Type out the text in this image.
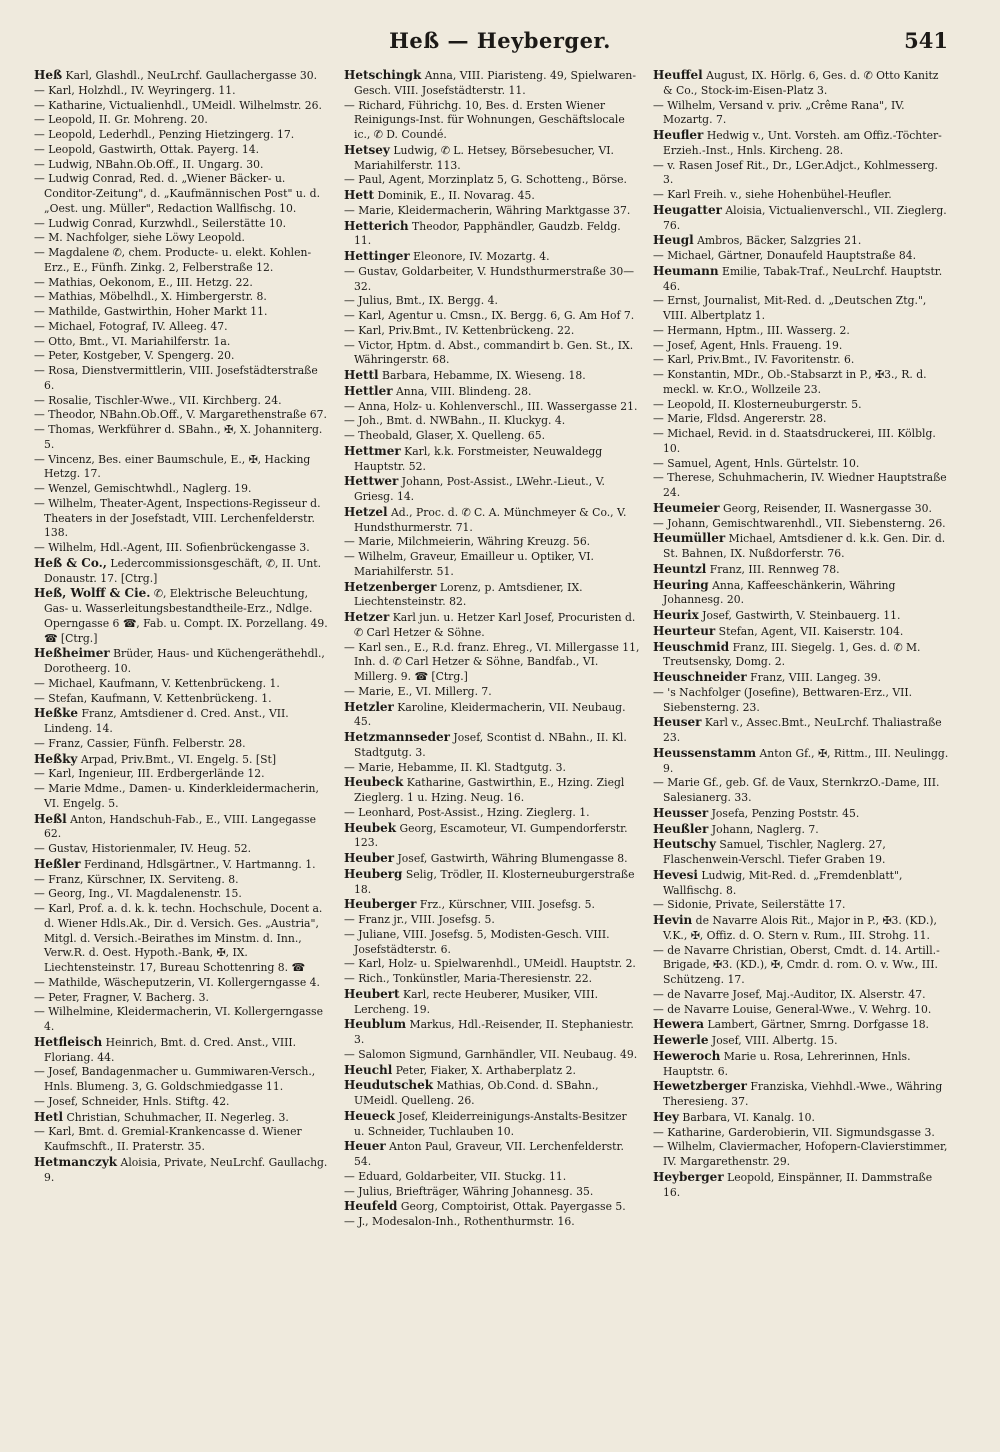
Heß — Heyberger.	541

Heß Karl, Glashdl., NeuLrchf. Gaullachergasse 30.

— Karl, Holzhdl., IV. Weyringerg. 11.

— Katharine, Victualienhdl., UMeidl. Wilhelmstr. 26.

— Leopold, II. Gr. Mohreng. 20.

— Leopold, Lederhdl., Penzing Hietzingerg. 17.

— Leopold, Gastwirth, Ottak. Payerg. 14.

— Ludwig, NBahn.Ob.Off., II. Ungarg. 30.

— Ludwig Conrad, Red. d. „Wiener Bäcker- u. Conditor-Zeitung", d. „Kaufmännischen Post" u. d. „Oest. ung. Müller", Redaction Wallfischg. 10.

— Ludwig Conrad, Kurzwhdl., Seilerstätte 10.

— M. Nachfolger, siehe Löwy Leopold.

— Magdalene ✆, chem. Producte- u. elekt. Kohlen-Erz., E., Fünfh. Zinkg. 2, Felberstraße 12.

— Mathias, Oekonom, E., III. Hetzg. 22.

— Mathias, Möbelhdl., X. Himbergerstr. 8.

— Mathilde, Gastwirthin, Hoher Markt 11.

— Michael, Fotograf, IV. Alleeg. 47.

— Otto, Bmt., VI. Mariahilferstr. 1a.

— Peter, Kostgeber, V. Spengerg. 20.

— Rosa, Dienstvermittlerin, VIII. Josefstädterstraße 6.

— Rosalie, Tischler-Wwe., VII. Kirchberg. 24.

— Theodor, NBahn.Ob.Off., V. Margarethenstraße 67.

— Thomas, Werkführer d. SBahn., ✠, X. Johanniterg. 5.

— Vincenz, Bes. einer Baumschule, E., ✠, Hacking Hetzg. 17.

— Wenzel, Gemischtwhdl., Naglerg. 19.

— Wilhelm, Theater-Agent, Inspections-Regisseur d. Theaters in der Josefstadt, VIII. Lerchenfelderstr. 138.

— Wilhelm, Hdl.-Agent, III. Sofienbrückengasse 3.

Heß & Co., Ledercommissionsgeschäft, ✆, II. Unt. Donaustr. 17. [Ctrg.]

Heß, Wolff & Cie. ✆, Elektrische Beleuchtung, Gas- u. Wasserleitungsbestandtheile-Erz., Ndlge. Operngasse 6 ☎, Fab. u. Compt. IX. Porzellang. 49. ☎ [Ctrg.]

Heßheimer Brüder, Haus- und Küchengeräthehdl., Dorotheerg. 10.

— Michael, Kaufmann, V. Kettenbrückeng. 1.

— Stefan, Kaufmann, V. Kettenbrückeng. 1.

Heßke Franz, Amtsdiener d. Cred. Anst., VII. Lindeng. 14.

— Franz, Cassier, Fünfh. Felberstr. 28.

Heßky Arpad, Priv.Bmt., VI. Engelg. 5. [St]

— Karl, Ingenieur, III. Erdbergerlände 12.

— Marie Mdme., Damen- u. Kinderkleidermacherin, VI. Engelg. 5.

Heßl Anton, Handschuh-Fab., E., VIII. Langegasse 62.

— Gustav, Historienmaler, IV. Heug. 52.

Heßler Ferdinand, Hdlsgärtner., V. Hartmanng. 1.

— Franz, Kürschner, IX. Serviteng. 8.

— Georg, Ing., VI. Magdalenenstr. 15.

— Karl, Prof. a. d. k. k. techn. Hochschule, Docent a. d. Wiener Hdls.Ak., Dir. d. Versich. Ges. „Austria", Mitgl. d. Versich.-Beirathes im Minstm. d. Inn., Verw.R. d. Oest. Hypoth.-Bank, ✠, IX. Liechtensteinstr. 17, Bureau Schottenring 8. ☎

— Mathilde, Wäscheputzerin, VI. Kollergerngasse 4.

— Peter, Fragner, V. Bacherg. 3.

— Wilhelmine, Kleidermacherin, VI. Kollergerngasse 4.

Hetfleisch Heinrich, Bmt. d. Cred. Anst., VIII. Floriang. 44.

— Josef, Bandagenmacher u. Gummiwaren-Versch., Hnls. Blumeng. 3, G. Goldschmiedgasse 11.

— Josef, Schneider, Hnls. Stiftg. 42.

Hetl Christian, Schuhmacher, II. Negerleg. 3.

— Karl, Bmt. d. Gremial-Krankencasse d. Wiener Kaufmschft., II. Praterstr. 35.

Hetmanczyk Aloisia, Private, NeuLrchf. Gaullachg. 9.

Hetschingk Anna, VIII. Piaristeng. 49, Spielwaren-Gesch. VIII. Josefstädterstr. 11.

— Richard, Führichg. 10, Bes. d. Ersten Wiener Reinigungs-Inst. für Wohnungen, Geschäftslocale ic., ✆ D. Coundé.

Hetsey Ludwig, ✆ L. Hetsey, Börsebesucher, VI. Mariahilferstr. 113.

— Paul, Agent, Morzinplatz 5, G. Schotteng., Börse.

Hett Dominik, E., II. Novarag. 45.

— Marie, Kleidermacherin, Währing Marktgasse 37.

Hetterich Theodor, Papphändler, Gaudzb. Feldg. 11.

Hettinger Eleonore, IV. Mozartg. 4.

— Gustav, Goldarbeiter, V. Hundsthurmerstraße 30—32.

— Julius, Bmt., IX. Bergg. 4.

— Karl, Agentur u. Cmsn., IX. Bergg. 6, G. Am Hof 7.

— Karl, Priv.Bmt., IV. Kettenbrückeng. 22.

— Victor, Hptm. d. Abst., commandirt b. Gen. St., IX. Währingerstr. 68.

Hettl Barbara, Hebamme, IX. Wieseng. 18.

Hettler Anna, VIII. Blindeng. 28.

— Anna, Holz- u. Kohlenverschl., III. Wassergasse 21.

— Joh., Bmt. d. NWBahn., II. Kluckyg. 4.

— Theobald, Glaser, X. Quelleng. 65.

Hettmer Karl, k.k. Forstmeister, Neuwaldegg Hauptstr. 52.

Hettwer Johann, Post-Assist., LWehr.-Lieut., V. Griesg. 14.

Hetzel Ad., Proc. d. ✆ C. A. Münchmeyer & Co., V. Hundsthurmerstr. 71.

— Marie, Milchmeierin, Währing Kreuzg. 56.

— Wilhelm, Graveur, Emailleur u. Optiker, VI. Mariahilferstr. 51.

Hetzenberger Lorenz, p. Amtsdiener, IX. Liechtensteinstr. 82.

Hetzer Karl jun. u. Hetzer Karl Josef, Procuristen d. ✆ Carl Hetzer & Söhne.

— Karl sen., E., R.d. franz. Ehreg., VI. Millergasse 11, Inh. d. ✆ Carl Hetzer & Söhne, Bandfab., VI. Millerg. 9. ☎ [Ctrg.]

— Marie, E., VI. Millerg. 7.

Hetzler Karoline, Kleidermacherin, VII. Neubaug. 45.

Hetzmannseder Josef, Scontist d. NBahn., II. Kl. Stadtgutg. 3.

— Marie, Hebamme, II. Kl. Stadtgutg. 3.

Heubeck Katharine, Gastwirthin, E., Hzing. Ziegl Zieglerg. 1 u. Hzing. Neug. 16.

— Leonhard, Post-Assist., Hzing. Zieglerg. 1.

Heubek Georg, Escamoteur, VI. Gumpendorferstr. 123.

Heuber Josef, Gastwirth, Währing Blumengasse 8.

Heuberg Selig, Trödler, II. Klosterneuburgerstraße 18.

Heuberger Frz., Kürschner, VIII. Josefsg. 5.

— Franz jr., VIII. Josefsg. 5.

— Juliane, VIII. Josefsg. 5, Modisten-Gesch. VIII. Josefstädterstr. 6.

— Karl, Holz- u. Spielwarenhdl., UMeidl. Hauptstr. 2.

— Rich., Tonkünstler, Maria-Theresienstr. 22.

Heubert Karl, recte Heuberer, Musiker, VIII. Lercheng. 19.

Heublum Markus, Hdl.-Reisender, II. Stephaniestr. 3.

— Salomon Sigmund, Garnhändler, VII. Neubaug. 49.

Heuchl Peter, Fiaker, X. Arthaberplatz 2.

Heudutschek Mathias, Ob.Cond. d. SBahn., UMeidl. Quelleng. 26.

Heueck Josef, Kleiderreinigungs-Anstalts-Besitzer u. Schneider, Tuchlauben 10.

Heuer Anton Paul, Graveur, VII. Lerchenfelderstr. 54.

— Eduard, Goldarbeiter, VII. Stuckg. 11.

— Julius, Briefträger, Währing Johannesg. 35.

Heufeld Georg, Comptoirist, Ottak. Payergasse 5.

— J., Modesalon-Inh., Rothenthurmstr. 16.

Heuffel August, IX. Hörlg. 6, Ges. d. ✆ Otto Kanitz & Co., Stock-im-Eisen-Platz 3.

— Wilhelm, Versand v. priv. „Crême Rana", IV. Mozartg. 7.

Heufler Hedwig v., Unt. Vorsteh. am Offiz.-Töchter-Erzieh.-Inst., Hnls. Kircheng. 28.

— v. Rasen Josef Rit., Dr., LGer.Adjct., Kohlmesserg. 3.

— Karl Freih. v., siehe Hohenbühel-Heufler.

Heugatter Aloisia, Victualienverschl., VII. Zieglerg. 76.

Heugl Ambros, Bäcker, Salzgries 21.

— Michael, Gärtner, Donaufeld Hauptstraße 84.

Heumann Emilie, Tabak-Traf., NeuLrchf. Hauptstr. 46.

— Ernst, Journalist, Mit-Red. d. „Deutschen Ztg.", VIII. Albertplatz 1.

— Hermann, Hptm., III. Wasserg. 2.

— Josef, Agent, Hnls. Fraueng. 19.

— Karl, Priv.Bmt., IV. Favoritenstr. 6.

— Konstantin, MDr., Ob.-Stabsarzt in P., ✠3., R. d. meckl. w. Kr.O., Wollzeile 23.

— Leopold, II. Klosterneuburgerstr. 5.

— Marie, Fldsd. Angererstr. 28.

— Michael, Revid. in d. Staatsdruckerei, III. Kölblg. 10.

— Samuel, Agent, Hnls. Gürtelstr. 10.

— Therese, Schuhmacherin, IV. Wiedner Hauptstraße 24.

Heumeier Georg, Reisender, II. Wasnergasse 30.

— Johann, Gemischtwarenhdl., VII. Siebensterng. 26.

Heumüller Michael, Amtsdiener d. k.k. Gen. Dir. d. St. Bahnen, IX. Nußdorferstr. 76.

Heuntzl Franz, III. Rennweg 78.

Heuring Anna, Kaffeeschänkerin, Währing Johannesg. 20.

Heurix Josef, Gastwirth, V. Steinbauerg. 11.

Heurteur Stefan, Agent, VII. Kaiserstr. 104.

Heuschmid Franz, III. Siegelg. 1, Ges. d. ✆ M. Treutsensky, Domg. 2.

Heuschneider Franz, VIII. Langeg. 39.

— 's Nachfolger (Josefine), Bettwaren-Erz., VII. Siebensterng. 23.

Heuser Karl v., Assec.Bmt., NeuLrchf. Thaliastraße 23.

Heussenstamm Anton Gf., ✠, Rittm., III. Neulingg. 9.

— Marie Gf., geb. Gf. de Vaux, SternkrzO.-Dame, III. Salesianerg. 33.

Heusser Josefa, Penzing Poststr. 45.

Heußler Johann, Naglerg. 7.

Heutschy Samuel, Tischler, Naglerg. 27, Flaschenwein-Verschl. Tiefer Graben 19.

Hevesi Ludwig, Mit-Red. d. „Fremdenblatt", Wallfischg. 8.

— Sidonie, Private, Seilerstätte 17.

Hevin de Navarre Alois Rit., Major in P., ✠3. (KD.), V.K., ✠, Offiz. d. O. Stern v. Rum., III. Strohg. 11.

— de Navarre Christian, Oberst, Cmdt. d. 14. Artill.-Brigade, ✠3. (KD.), ✠, Cmdr. d. rom. O. v. Ww., III. Schützeng. 17.

— de Navarre Josef, Maj.-Auditor, IX. Alserstr. 47.

— de Navarre Louise, General-Wwe., V. Wehrg. 10.

Hewera Lambert, Gärtner, Smrng. Dorfgasse 18.

Hewerle Josef, VIII. Albertg. 15.

Heweroch Marie u. Rosa, Lehrerinnen, Hnls. Hauptstr. 6.

Hewetzberger Franziska, Viehhdl.-Wwe., Währing Theresieng. 37.

Hey Barbara, VI. Kanalg. 10.

— Katharine, Garderobierin, VII. Sigmundsgasse 3.

— Wilhelm, Claviermacher, Hofopern-Clavierstimmer, IV. Margarethenstr. 29.

Heyberger Leopold, Einspänner, II. Dammstraße 16.
